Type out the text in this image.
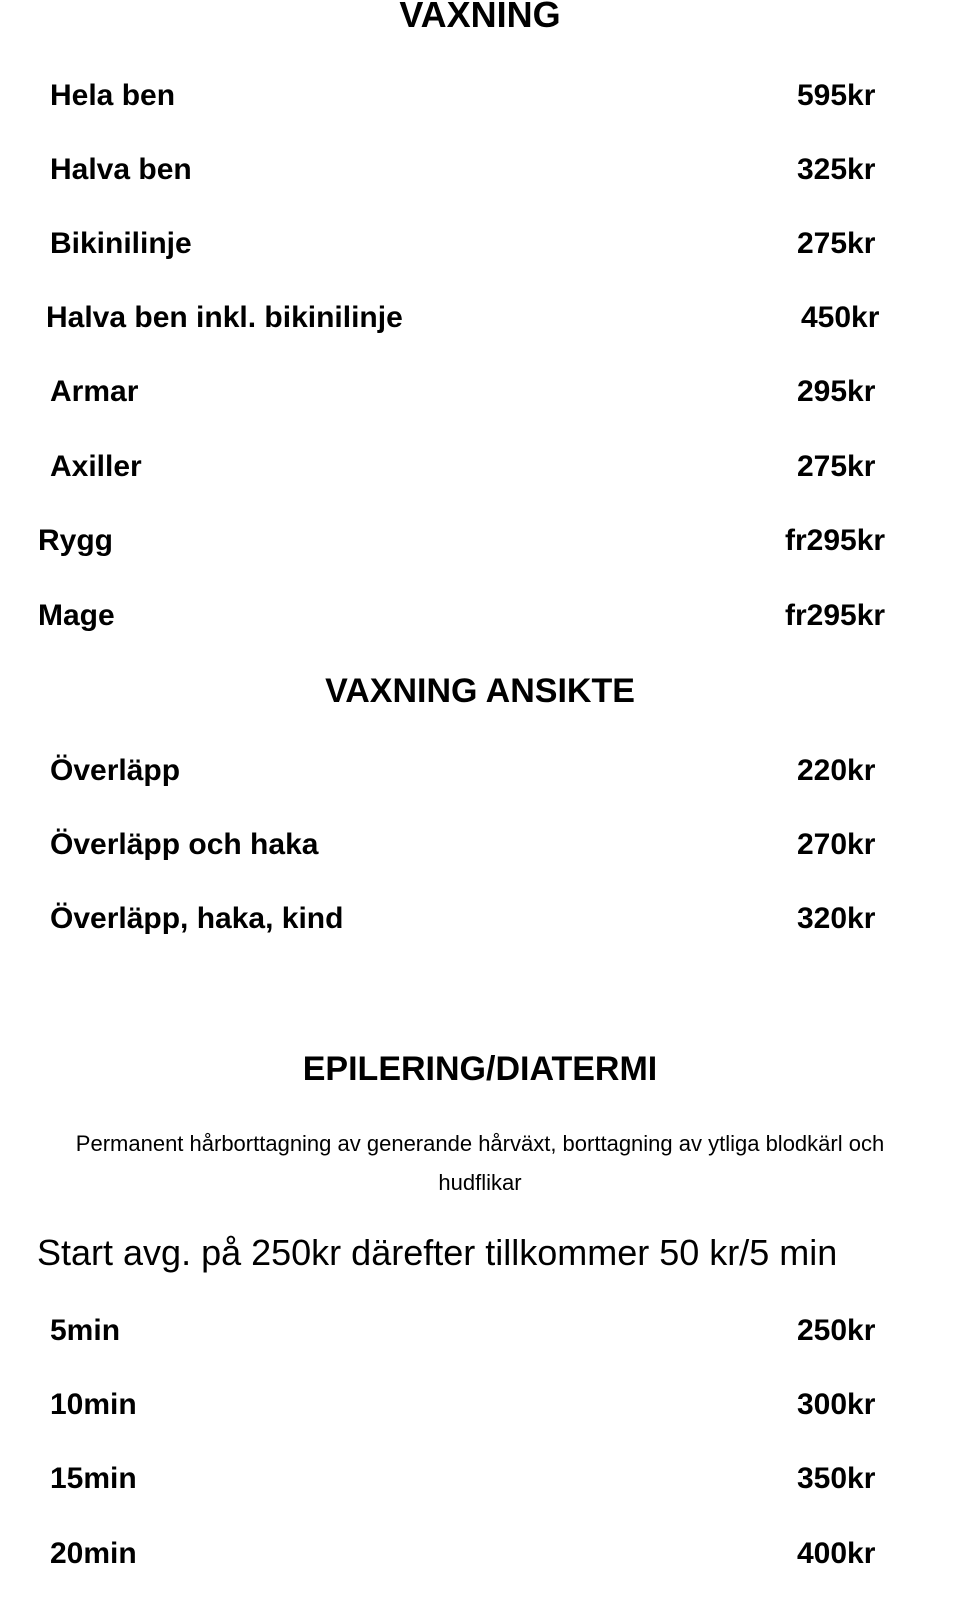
VAXNING
Hela ben	595kr
Halva ben	325kr
Bikinilinje	275kr
Halva ben inkl. bikinilinje	450kr
Armar	295kr
Axiller	275kr
Rygg	fr295kr
Mage	fr295kr
VAXNING ANSIKTE
Överläpp	220kr
Överläpp och haka	270kr
Överläpp, haka, kind	320kr
EPILERING/DIATERMI
Permanent hårborttagning av generande hårväxt, borttagning av ytliga blodkärl och
hudflikar
Start avg. på 250kr därefter tillkommer 50 kr/5 min
5min	250kr
10min	300kr
15min	350kr
20min	400kr
